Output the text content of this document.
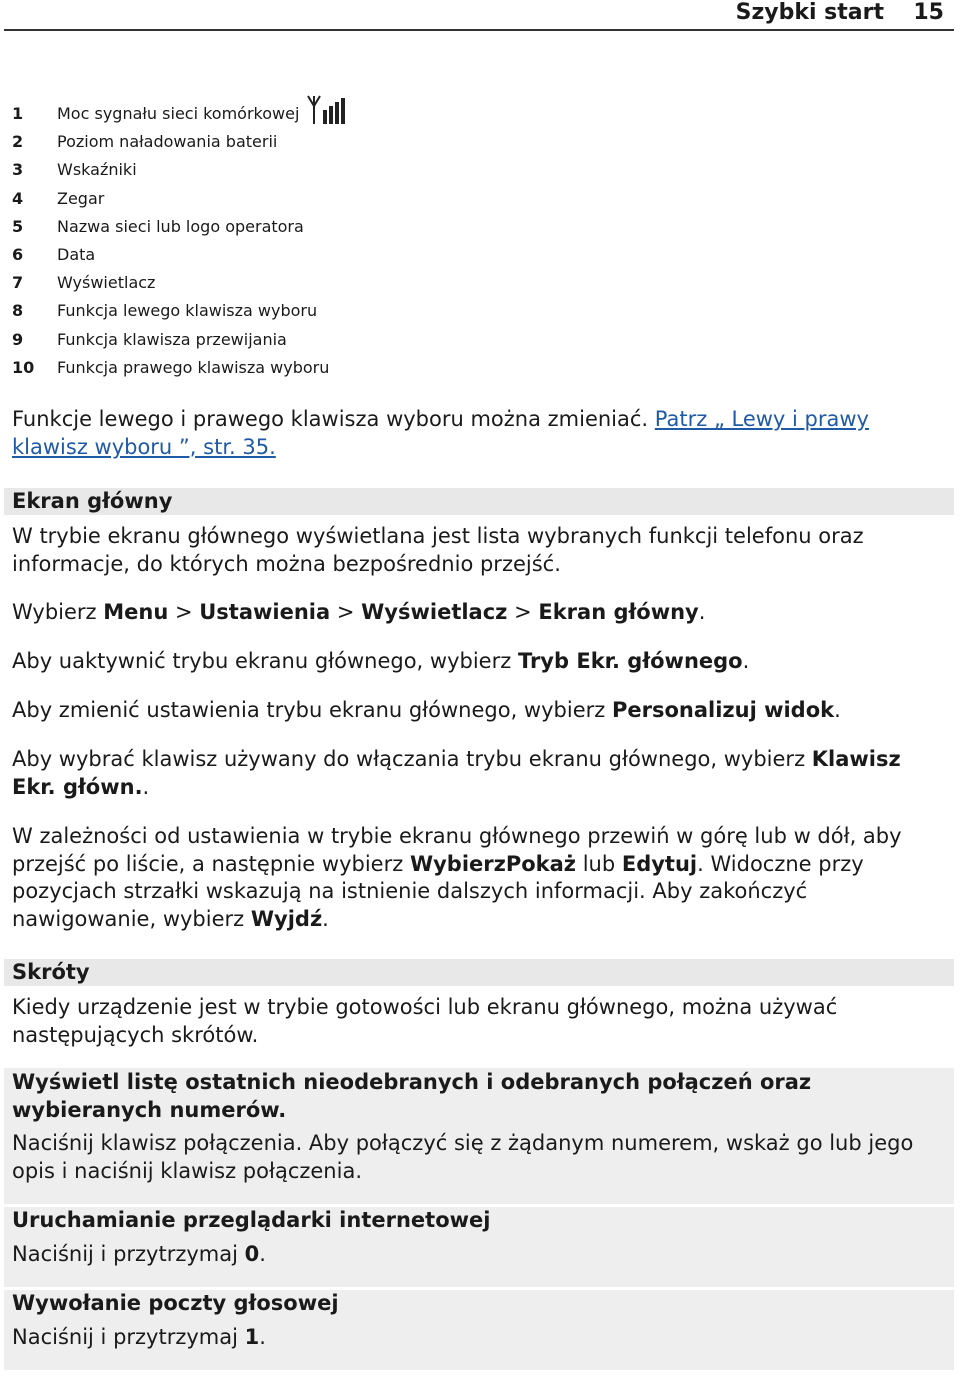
Szybki start 15
1	Moc sygnału sieci komórkowej
2	Poziom naładowania baterii
3	Wskaźniki
4	Zegar
5	Nazwa sieci lub logo operatora
6	Data
7	Wyświetlacz
8	Funkcja lewego klawisza wyboru
9	Funkcja klawisza przewijania
10	Funkcja prawego klawisza wyboru

Funkcje lewego i prawego klawisza wyboru można zmieniać. Patrz „ Lewy i prawy klawisz wyboru ”, str. 35.

Ekran główny

W trybie ekranu głównego wyświetlana jest lista wybranych funkcji telefonu oraz informacje, do których można bezpośrednio przejść.

Wybierz Menu > Ustawienia > Wyświetlacz > Ekran główny.

Aby uaktywnić trybu ekranu głównego, wybierz Tryb Ekr. głównego.

Aby zmienić ustawienia trybu ekranu głównego, wybierz Personalizuj widok.

Aby wybrać klawisz używany do włączania trybu ekranu głównego, wybierz Klawisz Ekr. główn..

W zależności od ustawienia w trybie ekranu głównego przewiń w górę lub w dół, aby przejść po liście, a następnie wybierz WybierzPokaż lub Edytuj. Widoczne przy pozycjach strzałki wskazują na istnienie dalszych informacji. Aby zakończyć nawigowanie, wybierz Wyjdź.

Skróty

Kiedy urządzenie jest w trybie gotowości lub ekranu głównego, można używać następujących skrótów.

Wyświetl listę ostatnich nieodebranych i odebranych połączeń oraz wybieranych numerów.
Naciśnij klawisz połączenia. Aby połączyć się z żądanym numerem, wskaż go lub jego opis i naciśnij klawisz połączenia.
Uruchamianie przeglądarki internetowej
Naciśnij i przytrzymaj 0.
Wywołanie poczty głosowej
Naciśnij i przytrzymaj 1.
